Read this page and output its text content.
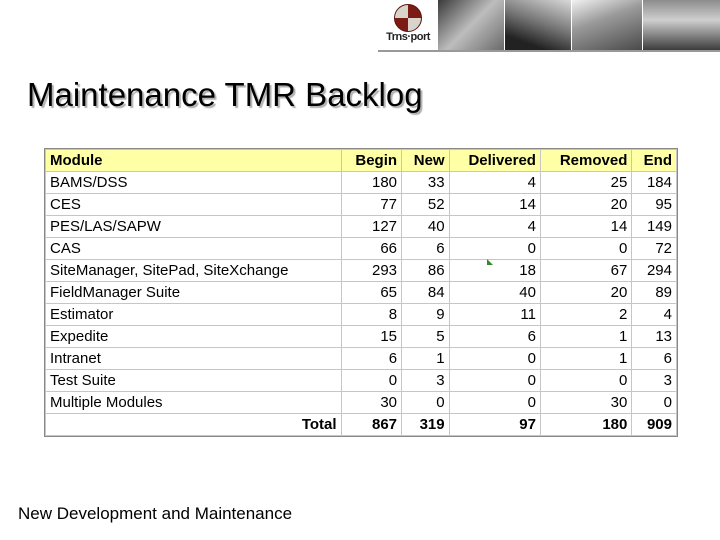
Trns·port
Maintenance TMR Backlog
Module	Begin	New	Delivered	Removed	End
BAMS/DSS	180	33	4	25	184
CES	77	52	14	20	95
PES/LAS/SAPW	127	40	4	14	149
CAS	66	6	0	0	72
SiteManager, SitePad, SiteXchange	293	86	18	67	294
FieldManager Suite	65	84	40	20	89
Estimator	8	9	11	2	4
Expedite	15	5	6	1	13
Intranet	6	1	0	1	6
Test Suite	0	3	0	0	3
Multiple Modules	30	0	0	30	0
Total	867	319	97	180	909

New Development and Maintenance
